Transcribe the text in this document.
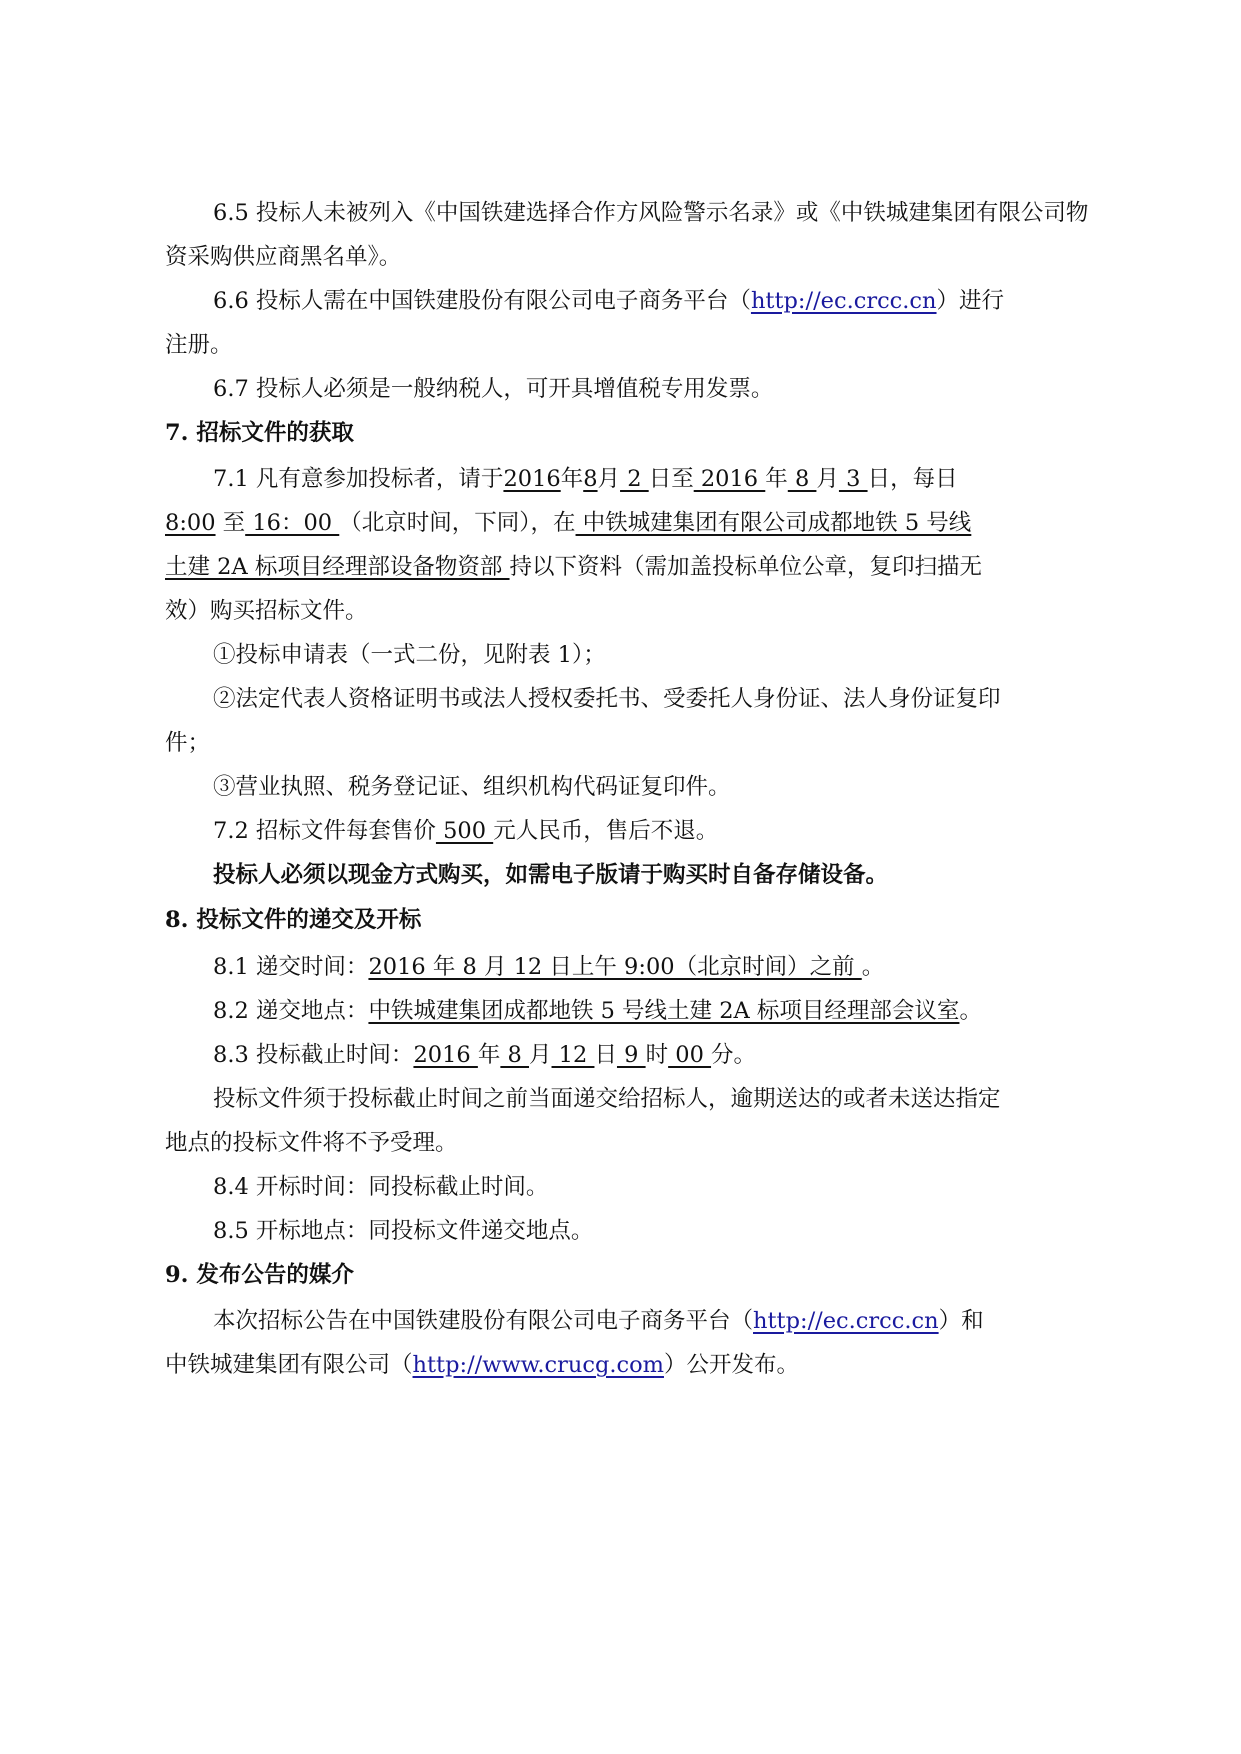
6.5 投标人未被列入《中国铁建选择合作方风险警示名录》或《中铁城建集团有限公司物
资采购供应商黑名单》。
6.6 投标人需在中国铁建股份有限公司电子商务平台（http://ec.crcc.cn）进行
注册。
6.7 投标人必须是一般纳税人，可开具增值税专用发票。
7. 招标文件的获取
7.1 凡有意参加投标者，请于2016年8月 2 日至 2016 年 8 月 3 日，每日
8:00 至 16：00 （北京时间，下同），在 中铁城建集团有限公司成都地铁 5 号线
土建 2A 标项目经理部设备物资部 持以下资料（需加盖投标单位公章，复印扫描无
效）购买招标文件。
①投标申请表（一式二份，见附表 1）；
②法定代表人资格证明书或法人授权委托书、受委托人身份证、法人身份证复印
件；
③营业执照、税务登记证、组织机构代码证复印件。
7.2 招标文件每套售价 500 元人民币，售后不退。
投标人必须以现金方式购买，如需电子版请于购买时自备存储设备。
8. 投标文件的递交及开标
8.1 递交时间：2016 年 8 月 12 日上午 9:00（北京时间）之前 。
8.2 递交地点：中铁城建集团成都地铁 5 号线土建 2A 标项目经理部会议室。
8.3 投标截止时间：2016 年 8 月 12 日 9 时 00 分。
投标文件须于投标截止时间之前当面递交给招标人，逾期送达的或者未送达指定
地点的投标文件将不予受理。
8.4 开标时间：同投标截止时间。
8.5 开标地点：同投标文件递交地点。
9. 发布公告的媒介
本次招标公告在中国铁建股份有限公司电子商务平台（http://ec.crcc.cn）和
中铁城建集团有限公司（http://www.crucg.com）公开发布。
